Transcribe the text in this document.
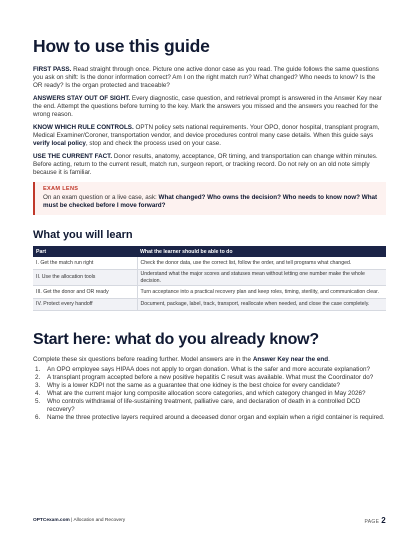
How to use this guide

FIRST PASS. Read straight through once. Picture one active donor case as you read. The guide follows the same questions you ask on shift: Is the donor information correct? Am I on the right match run? What changed? Who needs to know? Is the OR ready? Is the organ protected and traceable?

ANSWERS STAY OUT OF SIGHT. Every diagnostic, case question, and retrieval prompt is answered in the Answer Key near the end. Attempt the questions before turning to the key. Mark the answers you missed and the answers you reached for the wrong reason.

KNOW WHICH RULE CONTROLS. OPTN policy sets national requirements. Your OPO, donor hospital, transplant program, Medical Examiner/Coroner, transportation vendor, and device procedures control many case details. When this guide says verify local policy, stop and check the process used on your case.

USE THE CURRENT FACT. Donor results, anatomy, acceptance, OR timing, and transportation can change within minutes. Before acting, return to the current result, match run, surgeon report, or tracking record. Do not rely on an old note simply because it is familiar.

EXAM LENS
On an exam question or a live case, ask: What changed? Who owns the decision? Who needs to know now? What must be checked before I move forward?
What you will learn
Part	What the learner should be able to do
I. Get the match run right	Check the donor data, use the correct list, follow the order, and tell programs what changed.
II. Use the allocation tools	Understand what the major scores and statuses mean without letting one number make the whole decision.
III. Get the donor and OR ready	Turn acceptance into a practical recovery plan and keep roles, timing, sterility, and communication clear.
IV. Protect every handoff	Document, package, label, track, transport, reallocate when needed, and close the case completely.
Start here: what do you already know?

Complete these six questions before reading further. Model answers are in the Answer Key near the end.

1.	An OPO employee says HIPAA does not apply to organ donation. What is the safer and more accurate explanation?
2.	A transplant program accepted before a new positive hepatitis C result was available. What must the Coordinator do?
3.	Why is a lower KDPI not the same as a guarantee that one kidney is the best choice for every candidate?
4.	What are the current major lung composite allocation score categories, and which category changed in May 2026?
5.	Who controls withdrawal of life-sustaining treatment, palliative care, and declaration of death in a controlled DCD recovery?
6.	Name the three protective layers required around a deceased donor organ and explain when a rigid container is required.
OPTCexam.com | Allocation and Recovery	PAGE 2
